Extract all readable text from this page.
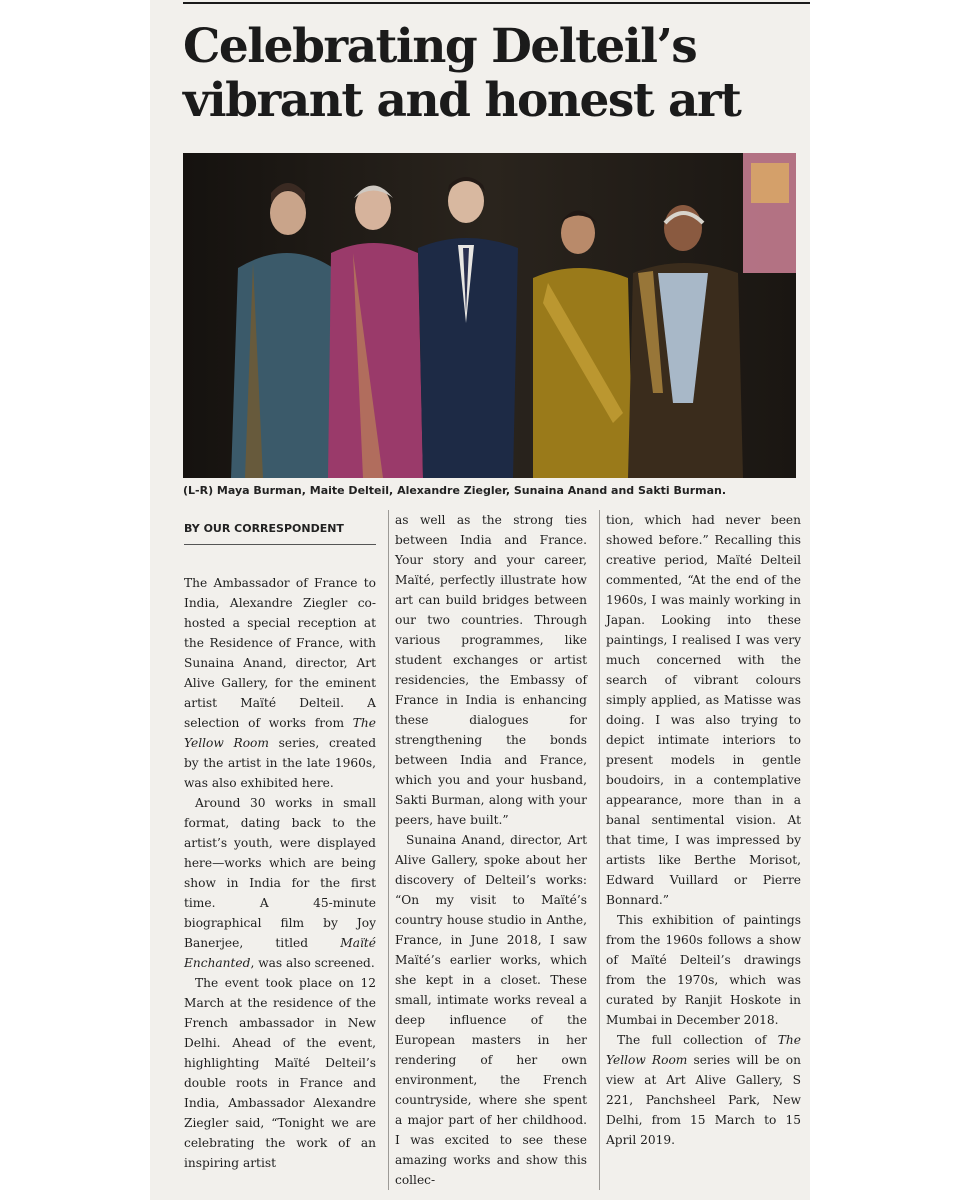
Celebrating Delteil’s
vibrant and honest art
(L-R) Maya Burman, Maite Delteil, Alexandre Ziegler, Sunaina Anand and Sakti Burman.
BY OUR CORRESPONDENT

The Ambassador of France to India, Alexandre Ziegler co-hosted a special reception at the Residence of France, with Sunaina Anand, director, Art Alive Gallery, for the eminent artist Maïté Delteil. A selection of works from The Yellow Room series, created by the artist in the late 1960s, was also exhibited here.

Around 30 works in small format, dating back to the artist’s youth, were displayed here—works which are being show in India for the first time. A 45-minute biographical film by Joy Banerjee, titled Maïté Enchanted, was also screened.

The event took place on 12 March at the residence of the French ambassador in New Delhi. Ahead of the event, highlighting Maïté Delteil’s double roots in France and India, Ambassador Alexandre Ziegler said, “Tonight we are celebrating the work of an inspiring artist

as well as the strong ties between India and France. Your story and your career, Maïté, perfectly illustrate how art can build bridges between our two countries. Through various programmes, like student exchanges or artist residencies, the Embassy of France in India is enhancing these dialogues for strengthening the bonds between India and France, which you and your husband, Sakti Burman, along with your peers, have built.”

Sunaina Anand, director, Art Alive Gallery, spoke about her discovery of Delteil’s works: “On my visit to Maïté’s country house studio in Anthe, France, in June 2018, I saw Maïté’s earlier works, which she kept in a closet. These small, intimate works reveal a deep influence of the European masters in her rendering of her own environment, the French countryside, where she spent a major part of her childhood. I was excited to see these amazing works and show this collec-

tion, which had never been showed before.” Recalling this creative period, Maïté Delteil commented, “At the end of the 1960s, I was mainly working in Japan. Looking into these paintings, I realised I was very much concerned with the search of vibrant colours simply applied, as Matisse was doing. I was also trying to depict intimate interiors to present models in gentle boudoirs, in a contemplative appearance, more than in a banal sentimental vision. At that time, I was impressed by artists like Berthe Morisot, Edward Vuillard or Pierre Bonnard.”

This exhibition of paintings from the 1960s follows a show of Maïté Delteil’s drawings from the 1970s, which was curated by Ranjit Hoskote in Mumbai in December 2018.

The full collection of The Yellow Room series will be on view at Art Alive Gallery, S 221, Panchsheel Park, New Delhi, from 15 March to 15 April 2019.
